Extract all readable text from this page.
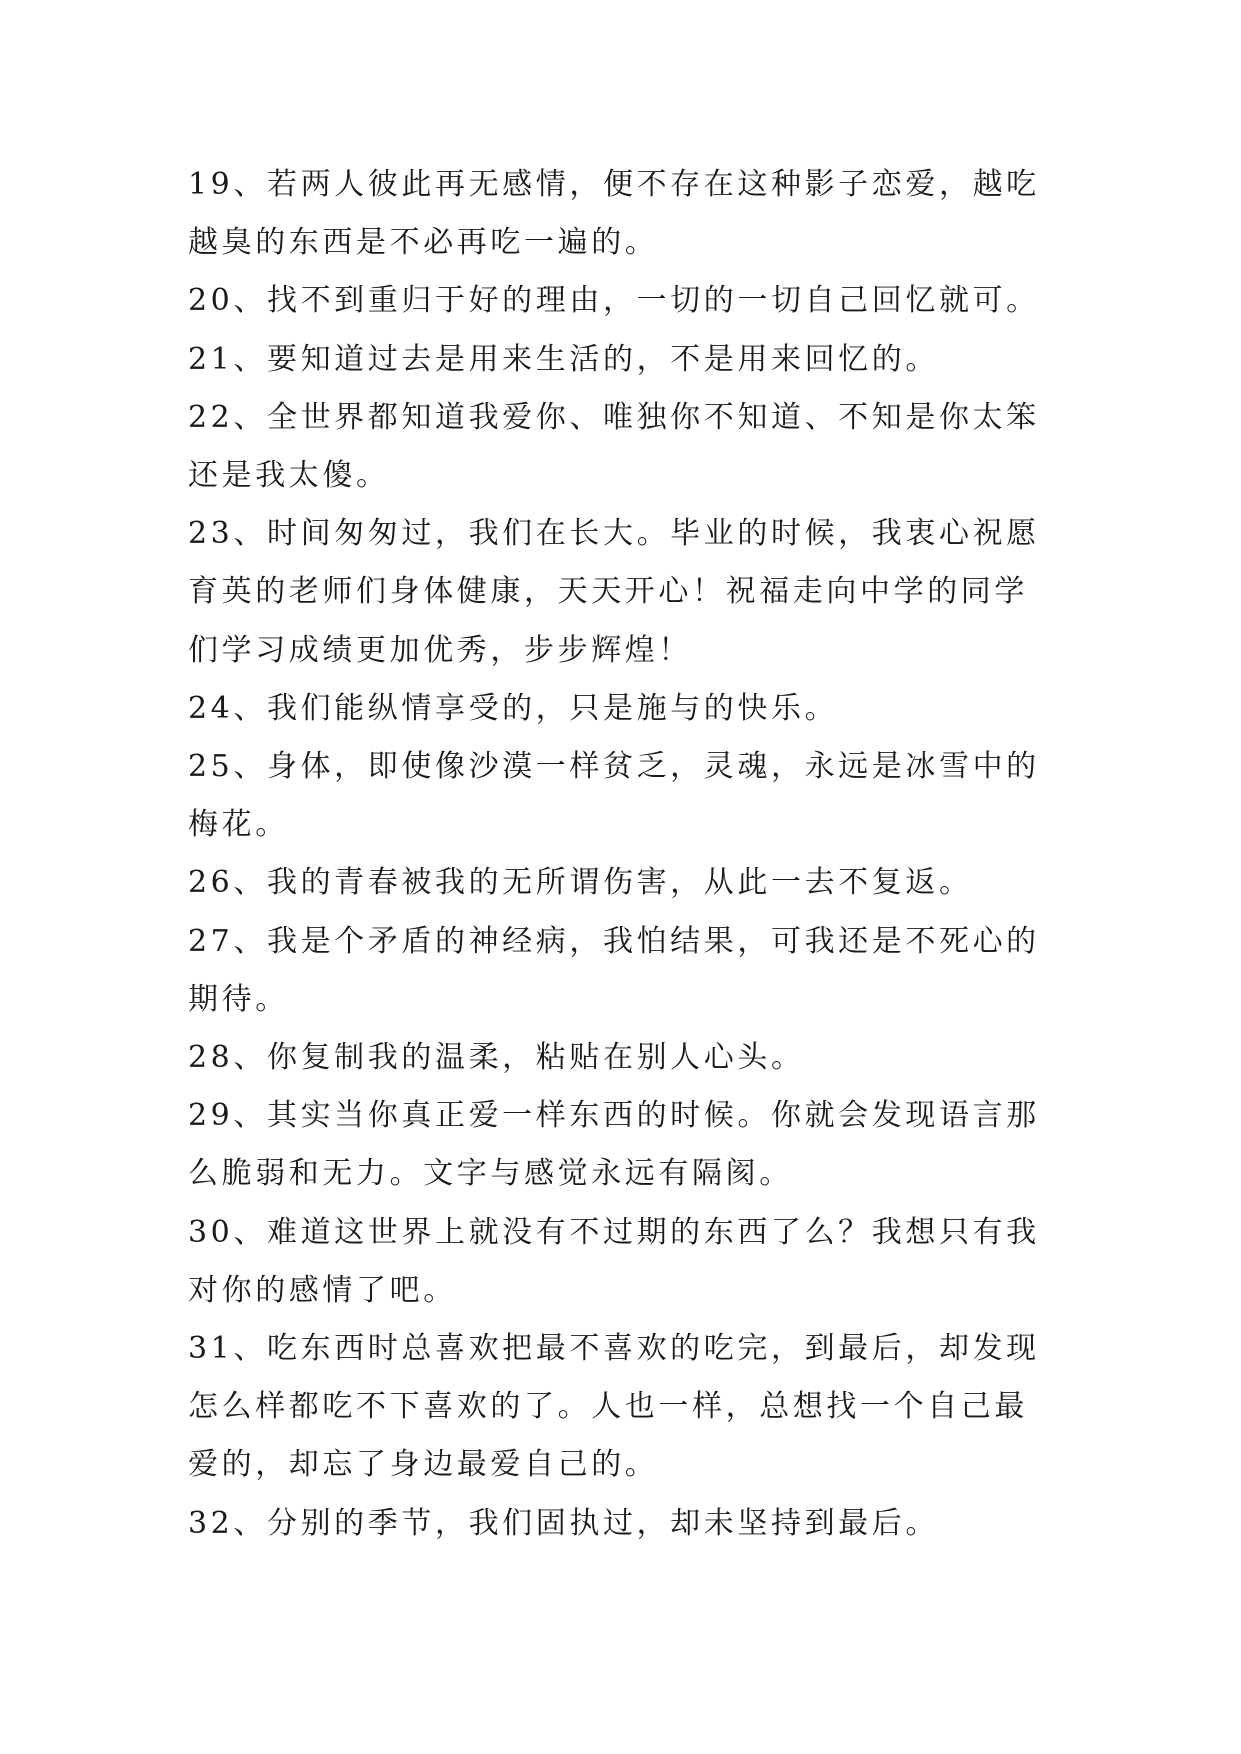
19、若两人彼此再无感情，便不存在这种影子恋爱，越吃越臭的东西是不必再吃一遍的。

20、找不到重归于好的理由，一切的一切自己回忆就可。

21、要知道过去是用来生活的，不是用来回忆的。

22、全世界都知道我爱你、唯独你不知道、不知是你太笨还是我太傻。

23、时间匆匆过，我们在长大。毕业的时候，我衷心祝愿育英的老师们身体健康，天天开心！祝福走向中学的同学们学习成绩更加优秀，步步辉煌！

24、我们能纵情享受的，只是施与的快乐。

25、身体，即使像沙漠一样贫乏，灵魂，永远是冰雪中的梅花。

26、我的青春被我的无所谓伤害，从此一去不复返。

27、我是个矛盾的神经病，我怕结果，可我还是不死心的期待。

28、你复制我的温柔，粘贴在别人心头。

29、其实当你真正爱一样东西的时候。你就会发现语言那么脆弱和无力。文字与感觉永远有隔阂。

30、难道这世界上就没有不过期的东西了么？我想只有我对你的感情了吧。

31、吃东西时总喜欢把最不喜欢的吃完，到最后，却发现怎么样都吃不下喜欢的了。人也一样，总想找一个自己最爱的，却忘了身边最爱自己的。

32、分别的季节，我们固执过，却未坚持到最后。
